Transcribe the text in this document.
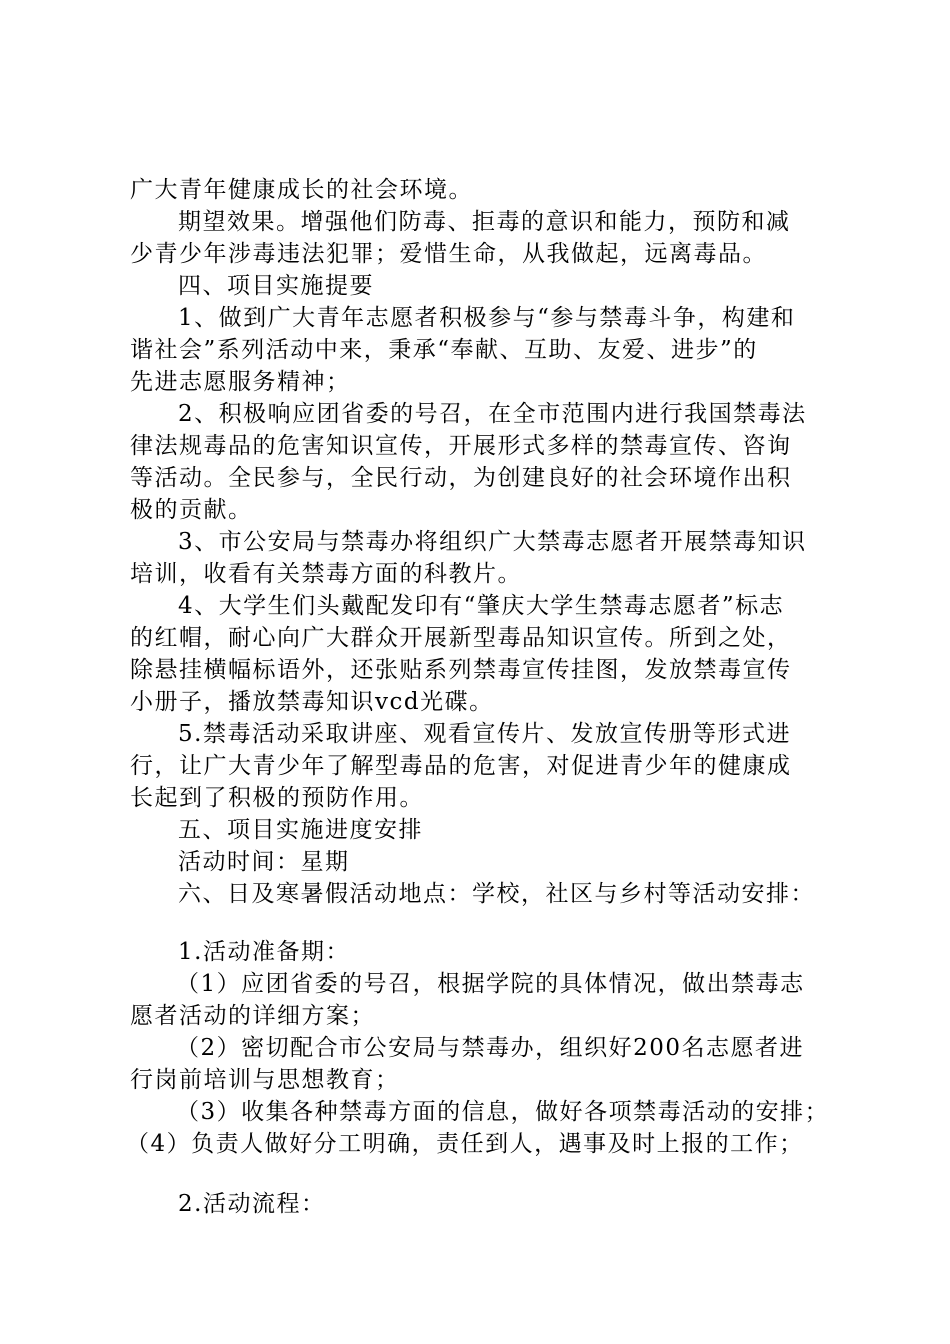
广大青年健康成长的社会环境。
期望效果。增强他们防毒、拒毒的意识和能力，预防和减
少青少年涉毒违法犯罪；爱惜生命，从我做起，远离毒品。
四、项目实施提要
1、做到广大青年志愿者积极参与“参与禁毒斗争，构建和
谐社会”系列活动中来，秉承“奉献、互助、友爱、进步”的
先进志愿服务精神；
2、积极响应团省委的号召，在全市范围内进行我国禁毒法
律法规毒品的危害知识宣传，开展形式多样的禁毒宣传、咨询
等活动。全民参与，全民行动，为创建良好的社会环境作出积
极的贡献。
3、市公安局与禁毒办将组织广大禁毒志愿者开展禁毒知识
培训，收看有关禁毒方面的科教片。
4、大学生们头戴配发印有“肇庆大学生禁毒志愿者”标志
的红帽，耐心向广大群众开展新型毒品知识宣传。所到之处，
除悬挂横幅标语外，还张贴系列禁毒宣传挂图，发放禁毒宣传
小册子，播放禁毒知识vcd光碟。
5.禁毒活动采取讲座、观看宣传片、发放宣传册等形式进
行，让广大青少年了解型毒品的危害，对促进青少年的健康成
长起到了积极的预防作用。
五、项目实施进度安排
活动时间：星期
六、日及寒暑假活动地点：学校，社区与乡村等活动安排：
1.活动准备期：
（1）应团省委的号召，根据学院的具体情况，做出禁毒志
愿者活动的详细方案；
（2）密切配合市公安局与禁毒办，组织好200名志愿者进
行岗前培训与思想教育；
（3）收集各种禁毒方面的信息，做好各项禁毒活动的安排；
（4）负责人做好分工明确，责任到人，遇事及时上报的工作；
2.活动流程：
